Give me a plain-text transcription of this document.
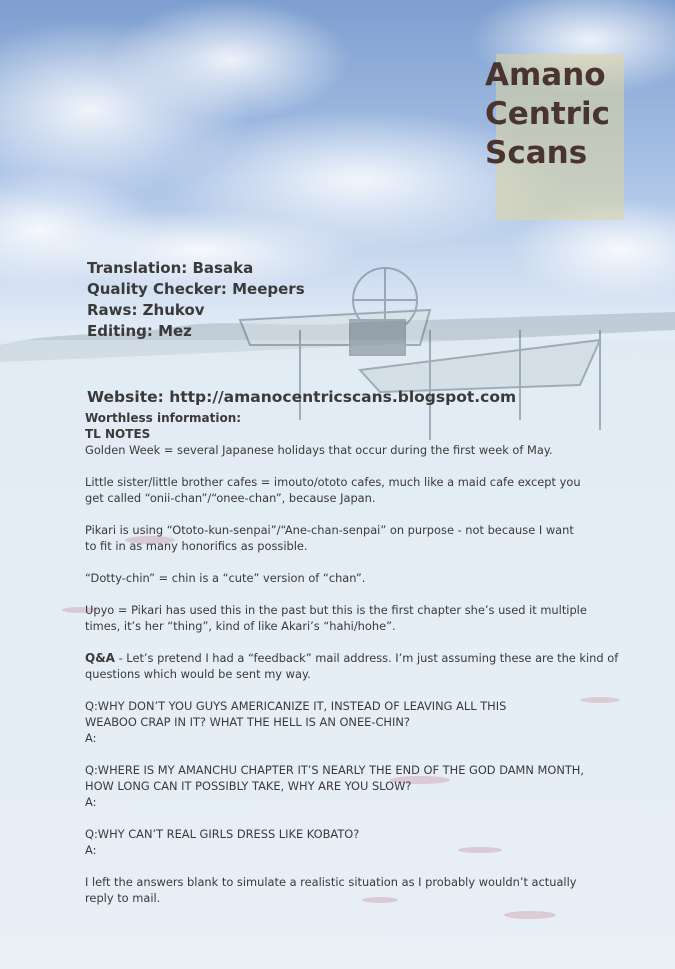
Amano
Centric
Scans
Translation: Basaka
Quality Checker: Meepers
Raws: Zhukov
Editing: Mez
Website: http://amanocentricscans.blogspot.com

Worthless information:

TL NOTES

Golden Week = several Japanese holidays that occur during the first week of May.

Little sister/little brother cafes = imouto/ototo cafes, much like a maid cafe except you

get called “onii-chan”/“onee-chan”, because Japan.

Pikari is using “Ototo-kun-senpai”/“Ane-chan-senpai” on purpose - not because I want

to fit in as many honorifics as possible.

“Dotty-chin” = chin is a “cute” version of “chan”.

Upyo = Pikari has used this in the past but this is the first chapter she’s used it multiple

times, it’s her “thing”, kind of like Akari’s “hahi/hohe”.

Q&A - Let’s pretend I had a “feedback” mail address. I’m just assuming these are the kind of

questions which would be sent my way.

Q:WHY DON’T YOU GUYS AMERICANIZE IT, INSTEAD OF LEAVING ALL THIS

WEABOO CRAP IN IT? WHAT THE HELL IS AN ONEE-CHIN?

A:

Q:WHERE IS MY AMANCHU CHAPTER IT’S NEARLY THE END OF THE GOD DAMN MONTH,

HOW LONG CAN IT POSSIBLY TAKE, WHY ARE YOU SLOW?

A:

Q:WHY CAN’T REAL GIRLS DRESS LIKE KOBATO?

A:

I left the answers blank to simulate a realistic situation as I probably wouldn’t actually

reply to mail.
